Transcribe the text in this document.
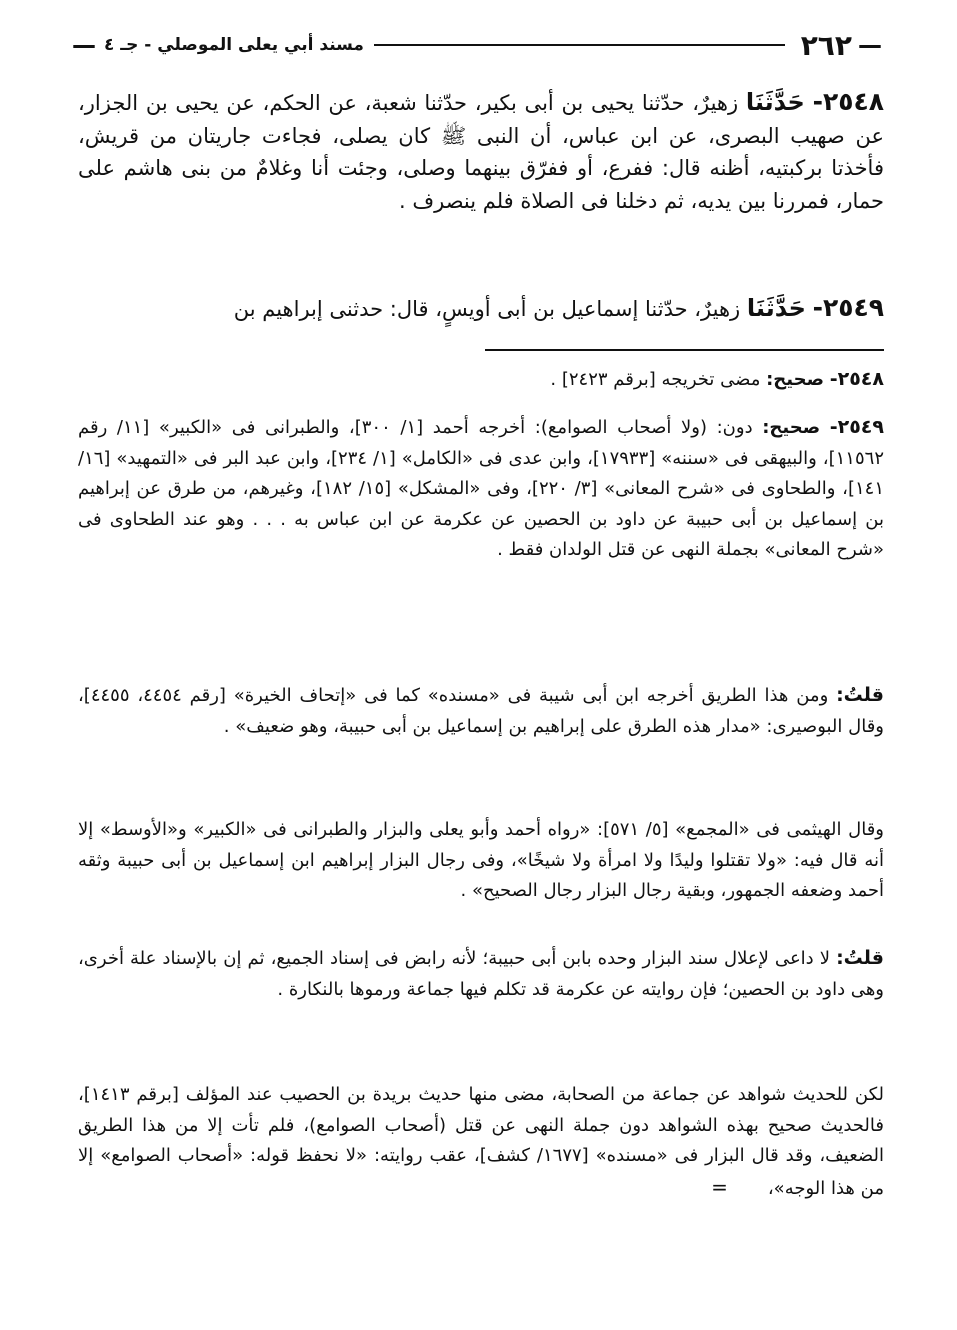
—
٢٦٢
مسند أبي يعلى الموصلي - جـ ٤
—
٢٥٤٨- حَدَّثَنَا زهيرٌ، حدّثنا يحيى بن أبى بكير، حدّثنا شعبة، عن الحكم، عن يحيى بن الجزار، عن صهيب البصرى، عن ابن عباس، أن النبى ﷺ كان يصلى، فجاءت جاريتان من قريش، فأخذتا بركبتيه، أظنه قال: ففرع، أو ففرّق بينهما وصلى، وجئت أنا وغلامٌ من بنى هاشم على حمار، فمررنا بين يديه، ثم دخلنا فى الصلاة فلم ينصرف .
٢٥٤٩- حَدَّثَنَا زهيرٌ، حدّثنا إسماعيل بن أبى أويسٍ، قال: حدثنى إبراهيم بن
٢٥٤٨- صحيح: مضى تخريجه [برقم ٢٤٢٣] .
٢٥٤٩- صحيح: دون: (ولا أصحاب الصوامع): أخرجه أحمد [١/ ٣٠٠]، والطبرانى فى «الكبير» [١١/ رقم ١١٥٦٢]، والبيهقى فى «سننه» [١٧٩٣٣]، وابن عدى فى «الكامل» [١/ ٢٣٤]، وابن عبد البر فى «التمهيد» [١٦/ ١٤١]، والطحاوى فى «شرح المعانى» [٣/ ٢٢٠]، وفى «المشكل» [١٥/ ١٨٢]، وغيرهم، من طرق عن إبراهيم بن إسماعيل بن أبى حبيبة عن داود بن الحصين عن عكرمة عن ابن عباس به . . . وهو عند الطحاوى فى «شرح المعانى» بجملة النهى عن قتل الولدان فقط .
قلتُ: ومن هذا الطريق أخرجه ابن أبى شيبة فى «مسنده» كما فى «إتحاف الخيرة» [رقم ٤٤٥٤، ٤٤٥٥]، وقال البوصيرى: «مدار هذه الطرق على إبراهيم بن إسماعيل بن أبى حبيبة، وهو ضعيف» .
وقال الهيثمى فى «المجمع» [٥/ ٥٧١]: «رواه أحمد وأبو يعلى والبزار والطبرانى فى «الكبير» و«الأوسط» إلا أنه قال فيه: «ولا تقتلوا وليدًا ولا امرأة ولا شيخًا»، وفى رجال البزار إبراهيم ابن إسماعيل بن أبى حبيبة وثقه أحمد وضعفه الجمهور، وبقية رجال البزار رجال الصحيح» .
قلتُ: لا داعى لإعلال سند البزار وحده بابن أبى حبيبة؛ لأنه رابض فى إسناد الجميع، ثم إن بالإسناد علة أخرى، وهى داود بن الحصين؛ فإن روايته عن عكرمة قد تكلم فيها جماعة ورموها بالنكارة .
لكن للحديث شواهد عن جماعة من الصحابة، مضى منها حديث بريدة بن الحصيب عند المؤلف [برقم ١٤١٣]، فالحديث صحيح بهذه الشواهد دون جملة النهى عن قتل (أصحاب الصوامع)، فلم تأت إلا من هذا الطريق الضعيف، وقد قال البزار فى «مسنده» [١٦٧٧/ كشف]، عقب روايته: «لا نحفظ قوله: «أصحاب الصوامع» إلا من هذا الوجه»،=
